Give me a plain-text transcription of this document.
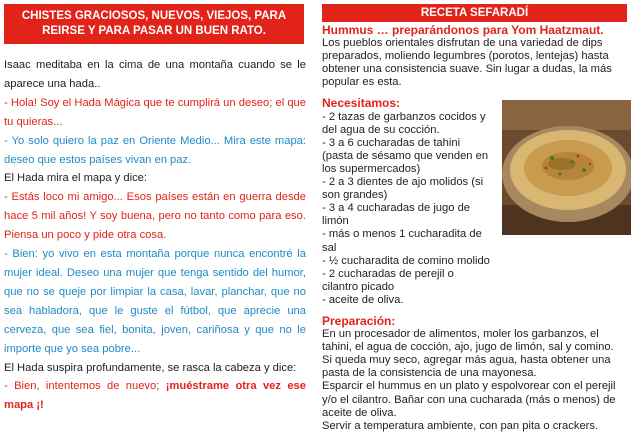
CHISTES GRACIOSOS, NUEVOS, VIEJOS, PARA
REIRSE Y PARA PASAR UN BUEN RATO.

Isaac meditaba en la cima de una montaña cuando se le aparece una hada..

- Hola! Soy el Hada Mágica que te cumplirá un deseo; el que tu quieras...

- Yo solo quiero la paz en Oriente Medio... Mira este mapa: deseo que estos países vivan en paz.

El Hada mira el mapa y dice:

- Estás loco mi amigo... Esos países están en guerra desde hace 5 mil años! Y soy buena, pero no tanto como para eso. Piensa un poco y pide otra cosa.

- Bien: yo vivo en esta montaña porque nunca encontré la mujer ideal. Deseo una mujer que tenga sentido del humor, que no se queje por limpiar la casa, lavar, planchar, que no sea habladora, que le guste el fútbol, que aprecie una cerveza, que sea fiel, bonita, joven, cariñosa y que no le importe que yo sea pobre...

El Hada suspira profundamente, se rasca la cabeza y dice:

- Bien, intentemos de nuevo; ¡muéstrame otra vez ese mapa ¡!

RECETA SEFARADÍ

Hummus … preparándonos para Yom Haatzmaut.

Los pueblos orientales disfrutan de una variedad de dips preparados, moliendo legumbres (porotos, lentejas) hasta obtener una consistencia suave. Sin lugar a dudas, la más popular es esta.

Necesitamos:

- 2 tazas de garbanzos cocidos y del agua de su cocción.

- 3 a 6 cucharadas de tahini (pasta de sésamo que venden en los supermercados)

- 2 a 3 dientes de ajo molidos (si son grandes)

- 3 a 4 cucharadas de jugo de limón

- más o menos 1 cucharadita de sal

- ½ cucharadita de comino molido

- 2 cucharadas de perejil o cilantro picado

- aceite de oliva.

Preparación:

En un procesador de alimentos, moler los garbanzos, el tahini, el agua de cocción, ajo, jugo de limón, sal y comino.

Si queda muy seco, agregar más agua, hasta obtener una pasta de la consistencia de una mayonesa.

Esparcir el hummus en un plato y espolvorear con el perejil y/o el cilantro. Bañar con una cucharada (más o menos) de aceite de oliva.

Servir a temperatura ambiente, con pan pita o crackers.
